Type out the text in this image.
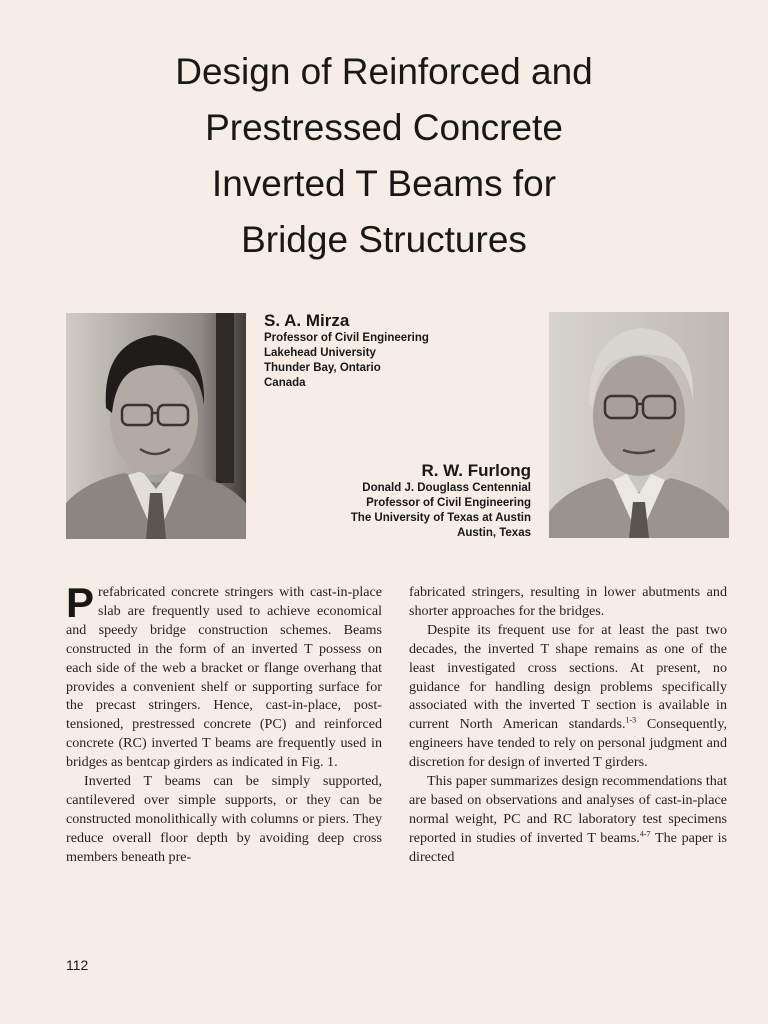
Design of Reinforced and
Prestressed Concrete
Inverted T Beams for
Bridge Structures
S. A. Mirza
Professor of Civil Engineering
Lakehead University
Thunder Bay, Ontario
Canada
R. W. Furlong
Donald J. Douglass Centennial
Professor of Civil Engineering
The University of Texas at Austin
Austin, Texas

Prefabricated concrete stringers with cast-in-place slab are frequently used to achieve economical and speedy bridge construction schemes. Beams constructed in the form of an inverted T possess on each side of the web a bracket or flange overhang that provides a convenient shelf or supporting surface for the precast stringers. Hence, cast-in-place, post-tensioned, prestressed concrete (PC) and reinforced concrete (RC) inverted T beams are frequently used in bridges as bentcap girders as indicated in Fig. 1.

Inverted T beams can be simply supported, cantilevered over simple supports, or they can be constructed monolithically with columns or piers. They reduce overall floor depth by avoiding deep cross members beneath pre-

fabricated stringers, resulting in lower abutments and shorter approaches for the bridges.

Despite its frequent use for at least the past two decades, the inverted T shape remains as one of the least investigated cross sections. At present, no guidance for handling design problems specifically associated with the inverted T section is available in current North American standards.$^{1-3}$ Consequently, engineers have tended to rely on personal judgment and discretion for design of inverted T girders.

This paper summarizes design recommendations that are based on observations and analyses of cast-in-place normal weight, PC and RC laboratory test specimens reported in studies of inverted T beams.$^{4-7}$ The paper is directed

112
